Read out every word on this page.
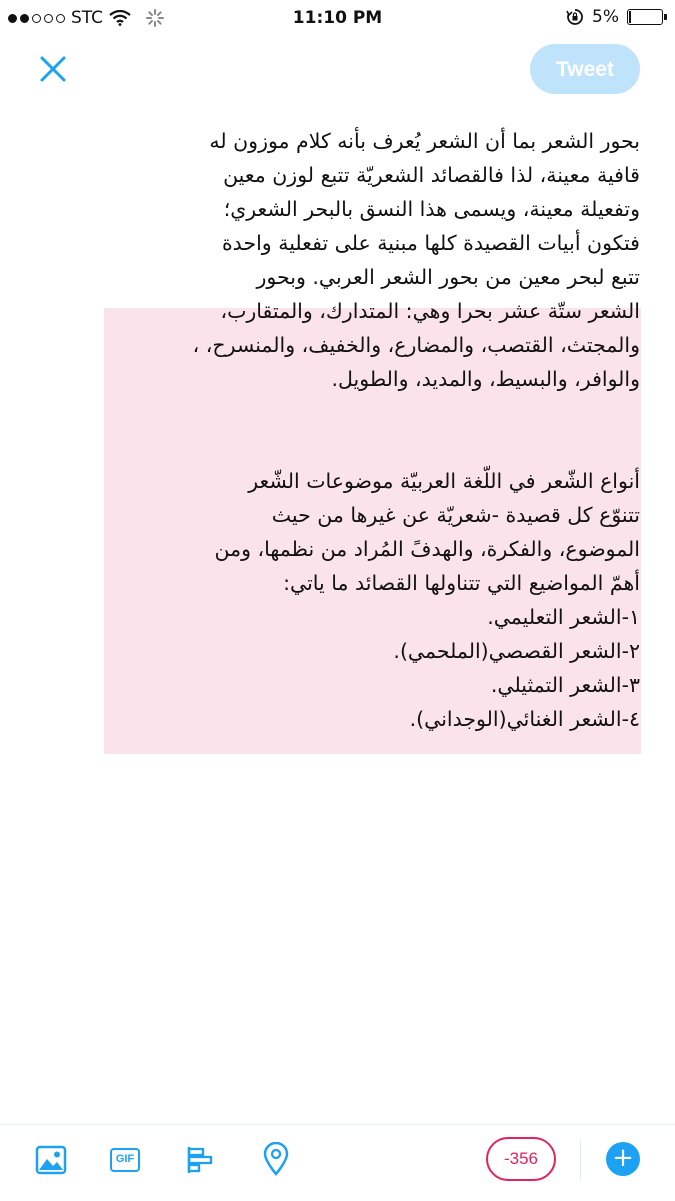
STC	11:10 PM	5%
Tweet
بحور الشعر بما أن الشعر يُعرف بأنه كلام موزون له
قافية معينة، لذا فالقصائد الشعريّة تتبع لوزن معين
وتفعيلة معينة، ويسمى هذا النسق بالبحر الشعري؛
فتكون أبيات القصيدة كلها مبنية على تفعلية واحدة
تتبع لبحر معين من بحور الشعر العربي. وبحور
الشعر ستّة عشر بحرا وهي: المتدارك، والمتقارب،
والمجتث، القتصب، والمضارع، والخفيف، والمنسرح، ،
والوافر، والبسيط، والمديد، والطويل.
أنواع الشّعر في اللّغة العربيّة موضوعات الشّعر
تتنوّع كل قصيدة -شعريّة عن غيرها من حيث
الموضوع، والفكرة، والهدفً المُراد من نظمها، ومن
أهمّ المواضيع التي تتناولها القصائد ما ياتي:
١-الشعر التعليمي.
٢-الشعر القصصي(الملحمي).
٣-الشعر التمثيلي.
٤-الشعر الغنائي(الوجداني).
GIF	-356	+
